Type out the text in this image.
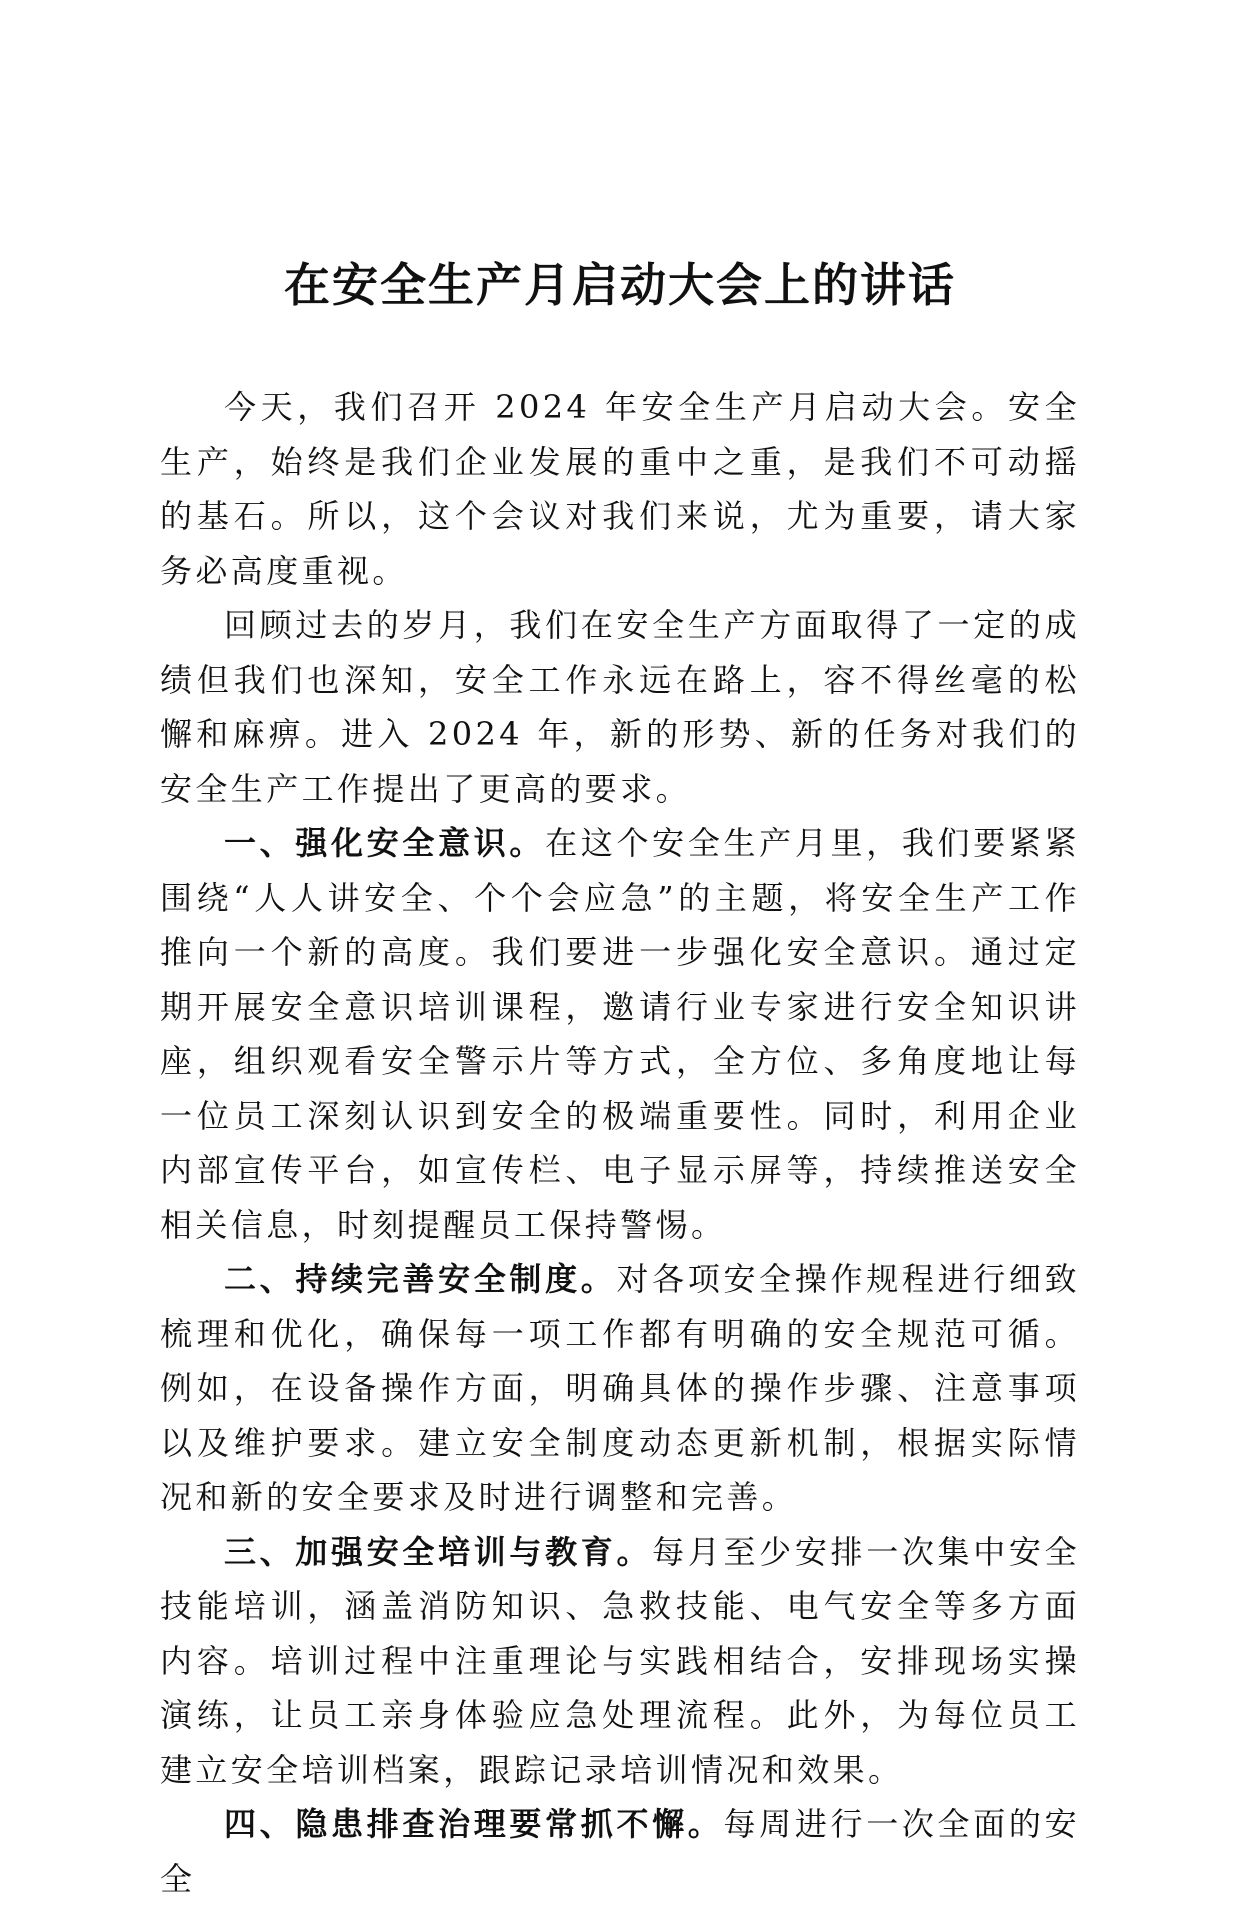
在安全生产月启动大会上的讲话

今天，我们召开 2024 年安全生产月启动大会。安全生产，始终是我们企业发展的重中之重，是我们不可动摇的基石。所以，这个会议对我们来说，尤为重要，请大家务必高度重视。

回顾过去的岁月，我们在安全生产方面取得了一定的成绩但我们也深知，安全工作永远在路上，容不得丝毫的松懈和麻痹。进入 2024 年，新的形势、新的任务对我们的安全生产工作提出了更高的要求。

一、强化安全意识。在这个安全生产月里，我们要紧紧围绕“人人讲安全、个个会应急”的主题，将安全生产工作推向一个新的高度。我们要进一步强化安全意识。通过定期开展安全意识培训课程，邀请行业专家进行安全知识讲座，组织观看安全警示片等方式，全方位、多角度地让每一位员工深刻认识到安全的极端重要性。同时，利用企业内部宣传平台，如宣传栏、电子显示屏等，持续推送安全相关信息，时刻提醒员工保持警惕。

二、持续完善安全制度。对各项安全操作规程进行细致梳理和优化，确保每一项工作都有明确的安全规范可循。例如，在设备操作方面，明确具体的操作步骤、注意事项以及维护要求。建立安全制度动态更新机制，根据实际情况和新的安全要求及时进行调整和完善。

三、加强安全培训与教育。每月至少安排一次集中安全技能培训，涵盖消防知识、急救技能、电气安全等多方面内容。培训过程中注重理论与实践相结合，安排现场实操演练，让员工亲身体验应急处理流程。此外，为每位员工建立安全培训档案，跟踪记录培训情况和效果。

四、隐患排查治理要常抓不懈。每周进行一次全面的安全
